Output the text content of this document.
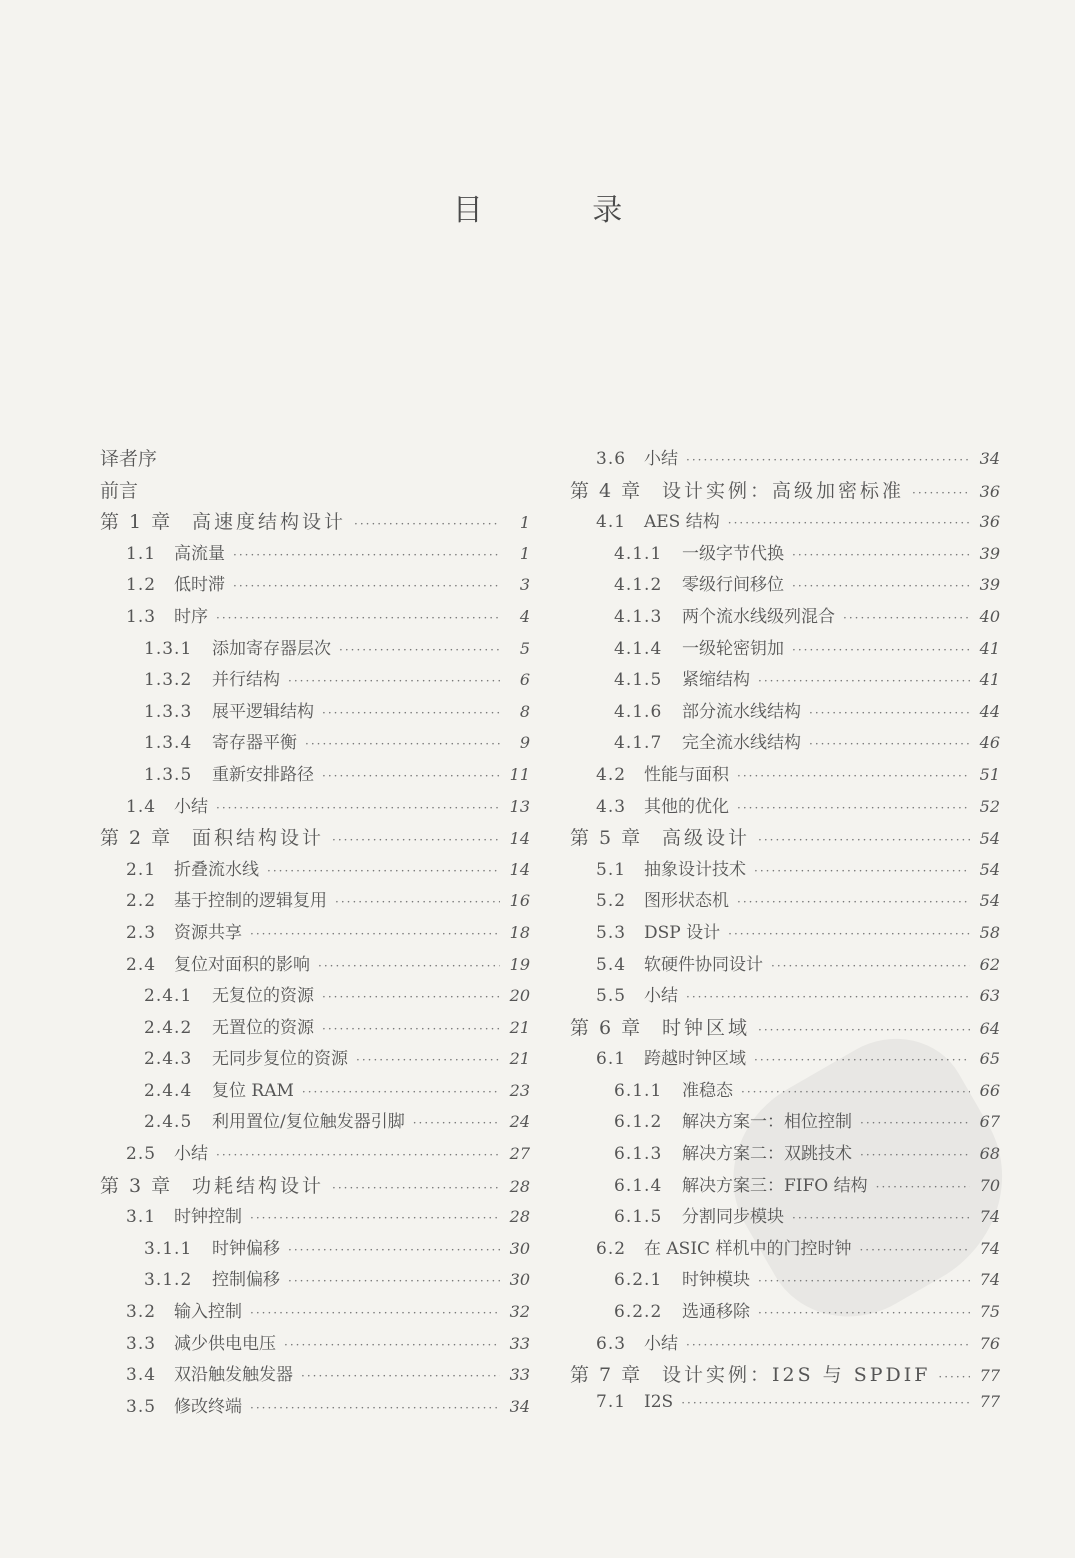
目 录
译者序
前言
第 1 章	高速度结构设计 ·····	1
1.1	高流量 ·····	1
1.2	低时滞 ·····	3
1.3	时序 ·····	4
1.3.1	添加寄存器层次 ·····	5
1.3.2	并行结构 ·····	6
1.3.3	展平逻辑结构 ·····	8
1.3.4	寄存器平衡 ·····	9
1.3.5	重新安排路径 ·····	11
1.4	小结 ·····	13
第 2 章	面积结构设计 ·····	14
2.1	折叠流水线 ·····	14
2.2	基于控制的逻辑复用 ·····	16
2.3	资源共享 ·····	18
2.4	复位对面积的影响 ·····	19
2.4.1	无复位的资源 ·····	20
2.4.2	无置位的资源 ·····	21
2.4.3	无同步复位的资源 ·····	21
2.4.4	复位 RAM ·····	23
2.4.5	利用置位/复位触发器引脚 ·····	24
2.5	小结 ·····	27
第 3 章	功耗结构设计 ·····	28
3.1	时钟控制 ·····	28
3.1.1	时钟偏移 ·····	30
3.1.2	控制偏移 ·····	30
3.2	输入控制 ·····	32
3.3	减少供电电压 ·····	33
3.4	双沿触发触发器 ·····	33
3.5	修改终端 ·····	34
3.6	小结 ·····	34
第 4 章	设计实例：高级加密标准 ·····	36
4.1	AES 结构 ·····	36
4.1.1	一级字节代换 ·····	39
4.1.2	零级行间移位 ·····	39
4.1.3	两个流水线级列混合 ·····	40
4.1.4	一级轮密钥加 ·····	41
4.1.5	紧缩结构 ·····	41
4.1.6	部分流水线结构 ·····	44
4.1.7	完全流水线结构 ·····	46
4.2	性能与面积 ·····	51
4.3	其他的优化 ·····	52
第 5 章	高级设计 ·····	54
5.1	抽象设计技术 ·····	54
5.2	图形状态机 ·····	54
5.3	DSP 设计 ·····	58
5.4	软硬件协同设计 ·····	62
5.5	小结 ·····	63
第 6 章	时钟区域 ·····	64
6.1	跨越时钟区域 ·····	65
6.1.1	准稳态 ·····	66
6.1.2	解决方案一：相位控制 ·····	67
6.1.3	解决方案二：双跳技术 ·····	68
6.1.4	解决方案三：FIFO 结构 ·····	70
6.1.5	分割同步模块 ·····	74
6.2	在 ASIC 样机中的门控时钟 ·····	74
6.2.1	时钟模块 ·····	74
6.2.2	选通移除 ·····	75
6.3	小结 ·····	76
第 7 章	设计实例：I2S 与 SPDIF ·····	77
7.1	I2S ·····	77
